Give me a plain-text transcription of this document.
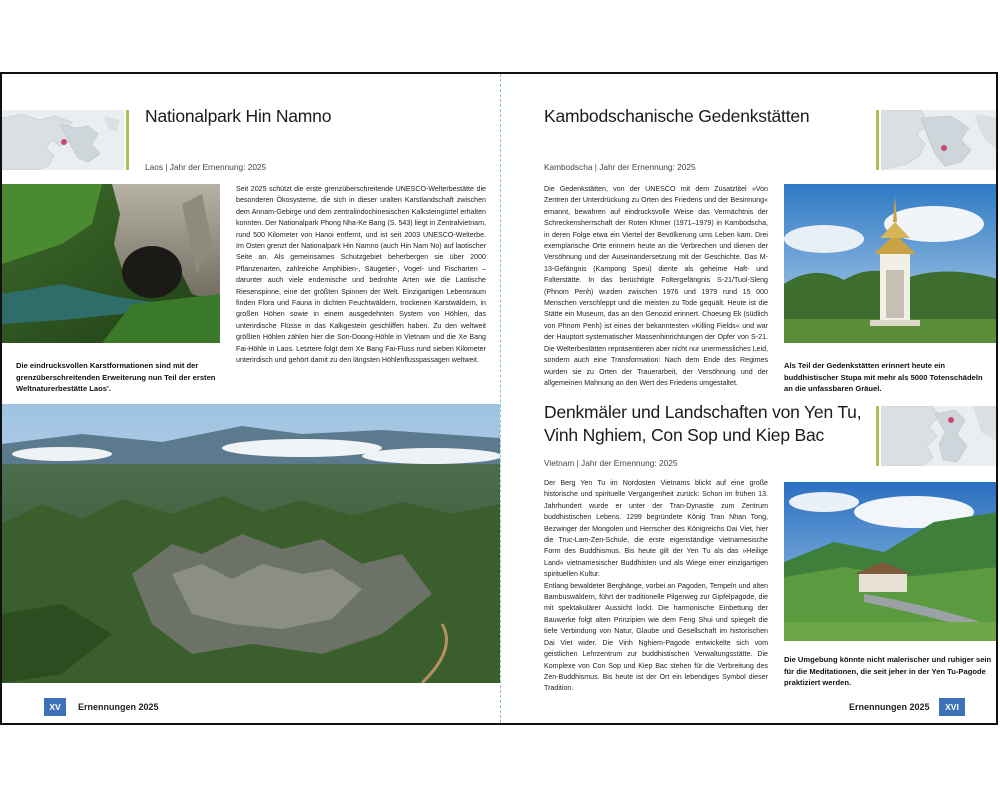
Nationalpark Hin Namno
Laos | Jahr der Ernennung: 2025
Seit 2025 schützt die erste grenzüberschreitende UNESCO-Welterbestätte die besonderen Ökosysteme, die sich in dieser uralten Karstlandschaft zwischen dem Annam-Gebirge und dem zentralindochinesischen Kalksteingürtel erhalten konnten. Der Nationalpark Phong Nha-Ke Bang (S. 543) liegt in Zentralvietnam, rund 500 Kilometer von Hanoi entfernt, und ist seit 2003 UNESCO-Welterbe. Im Osten grenzt der Nationalpark Hin Namno (auch Hin Nam No) auf laotischer Seite an. Als gemeinsames Schutzgebiet beherbergen sie über 2000 Pflanzenarten, zahlreiche Amphibien-, Säugetier-, Vogel- und Fischarten – darunter auch viele endemische und bedrohte Arten wie die Laotische Riesenspinne, eine der größten Spinnen der Welt. Einzigartigen Lebensraum finden Flora und Fauna in dichten Feuchtwäldern, trockenen Karstwäldern, in großen Höhen sowie in einem ausgedehnten System von Höhlen, das unterirdische Flüsse in das Kalkgestein geschliffen haben. Zu den weltweit größten Höhlen zählen hier die Son-Doong-Höhle in Vietnam und die Xe Bang Fai-Höhle in Laos. Letztere folgt dem Xe Bang Fai-Fluss rund sieben Kilometer unterirdisch und gehört damit zu den längsten Höhlenflusspassagen weltweit.
Die eindrucksvollen Karstformationen sind mit der grenzüberschreitenden Erweiterung nun Teil der ersten Weltnaturerbestätte Laos'.
XV	Ernennungen 2025
Kambodschanische Gedenkstätten
Kambodscha | Jahr der Ernennung: 2025
Die Gedenkstätten, von der UNESCO mit dem Zusatztitel »Von Zentren der Unterdrückung zu Orten des Friedens und der Besinnung« ernannt, bewahren auf eindrucksvolle Weise das Vermächtnis der Schreckensherrschaft der Roten Khmer (1971–1979) in Kambodscha, in deren Folge etwa ein Viertel der Bevölkerung ums Leben kam. Drei exemplarische Orte erinnern heute an die Verbrechen und dienen der Versöhnung und der Auseinandersetzung mit der Geschichte. Das M-13-Gefängnis (Kampong Speu) diente als geheime Haft- und Folterstätte. In das berüchtigte Foltergefängnis S-21/Tuol-Sleng (Phnom Penh) wurden zwischen 1976 und 1979 rund 15 000 Menschen verschleppt und die meisten zu Tode gequält. Heute ist die Stätte ein Museum, das an den Genozid erinnert. Choeung Ek (südlich von Phnom Penh) ist eines der bekanntesten »Killing Fields« und war der Hauptort systematischer Massenhinrichtungen der Opfer von S-21. Die Welterbestätten repräsentieren aber nicht nur unermessliches Leid, sondern auch eine Transformation: Nach dem Ende des Regimes wurden sie zu Orten der Trauerarbeit, der Versöhnung und der allgemeinen Mahnung an den Wert des Friedens umgestaltet.
Als Teil der Gedenkstätten erinnert heute ein buddhistischer Stupa mit mehr als 5000 Totenschädeln an die unfassbaren Gräuel.
Denkmäler und Landschaften von Yen Tu,
Vinh Nghiem, Con Sop und Kiep Bac
Vietnam | Jahr der Ernennung: 2025
Der Berg Yen Tu im Nordosten Vietnams blickt auf eine große historische und spirituelle Vergangenheit zurück: Schon im frühen 13. Jahrhundert wurde er unter der Tran-Dynastie zum Zentrum buddhistischen Lebens. 1299 begründete König Tran Nhan Tong, Bezwinger der Mongolen und Herrscher des Königreichs Dai Viet, hier die Truc-Lam-Zen-Schule, die erste eigenständige vietnamesische Form des Buddhismus. Bis heute gilt der Yen Tu als das »Heilige Land« vietnamesischer Buddhisten und als Wiege einer einzigartigen spirituellen Kultur.
Entlang bewaldeter Berghänge, vorbei an Pagoden, Tempeln und alten Bambuswäldern, führt der traditionelle Pilgerweg zur Gipfelpagode, die mit spektakulärer Aussicht lockt. Die harmonische Einbettung der Bauwerke folgt alten Prinzipien wie dem Feng Shui und spiegelt die tiefe Verbindung von Natur, Glaube und Gesellschaft im historischen Dai Viet wider. Die Vinh Nghiem-Pagode entwickelte sich vom geistlichen Lehrzentrum zur buddhistischen Verwaltungsstätte. Die Komplexe von Con Sop und Kiep Bac stehen für die Verbreitung des Zen-Buddhismus. Bis heute ist der Ort ein lebendiges Symbol dieser Tradition.
Die Umgebung könnte nicht malerischer und ruhiger sein für die Meditationen, die seit jeher in der Yen Tu-Pagode praktiziert werden.
Ernennungen 2025	XVI
